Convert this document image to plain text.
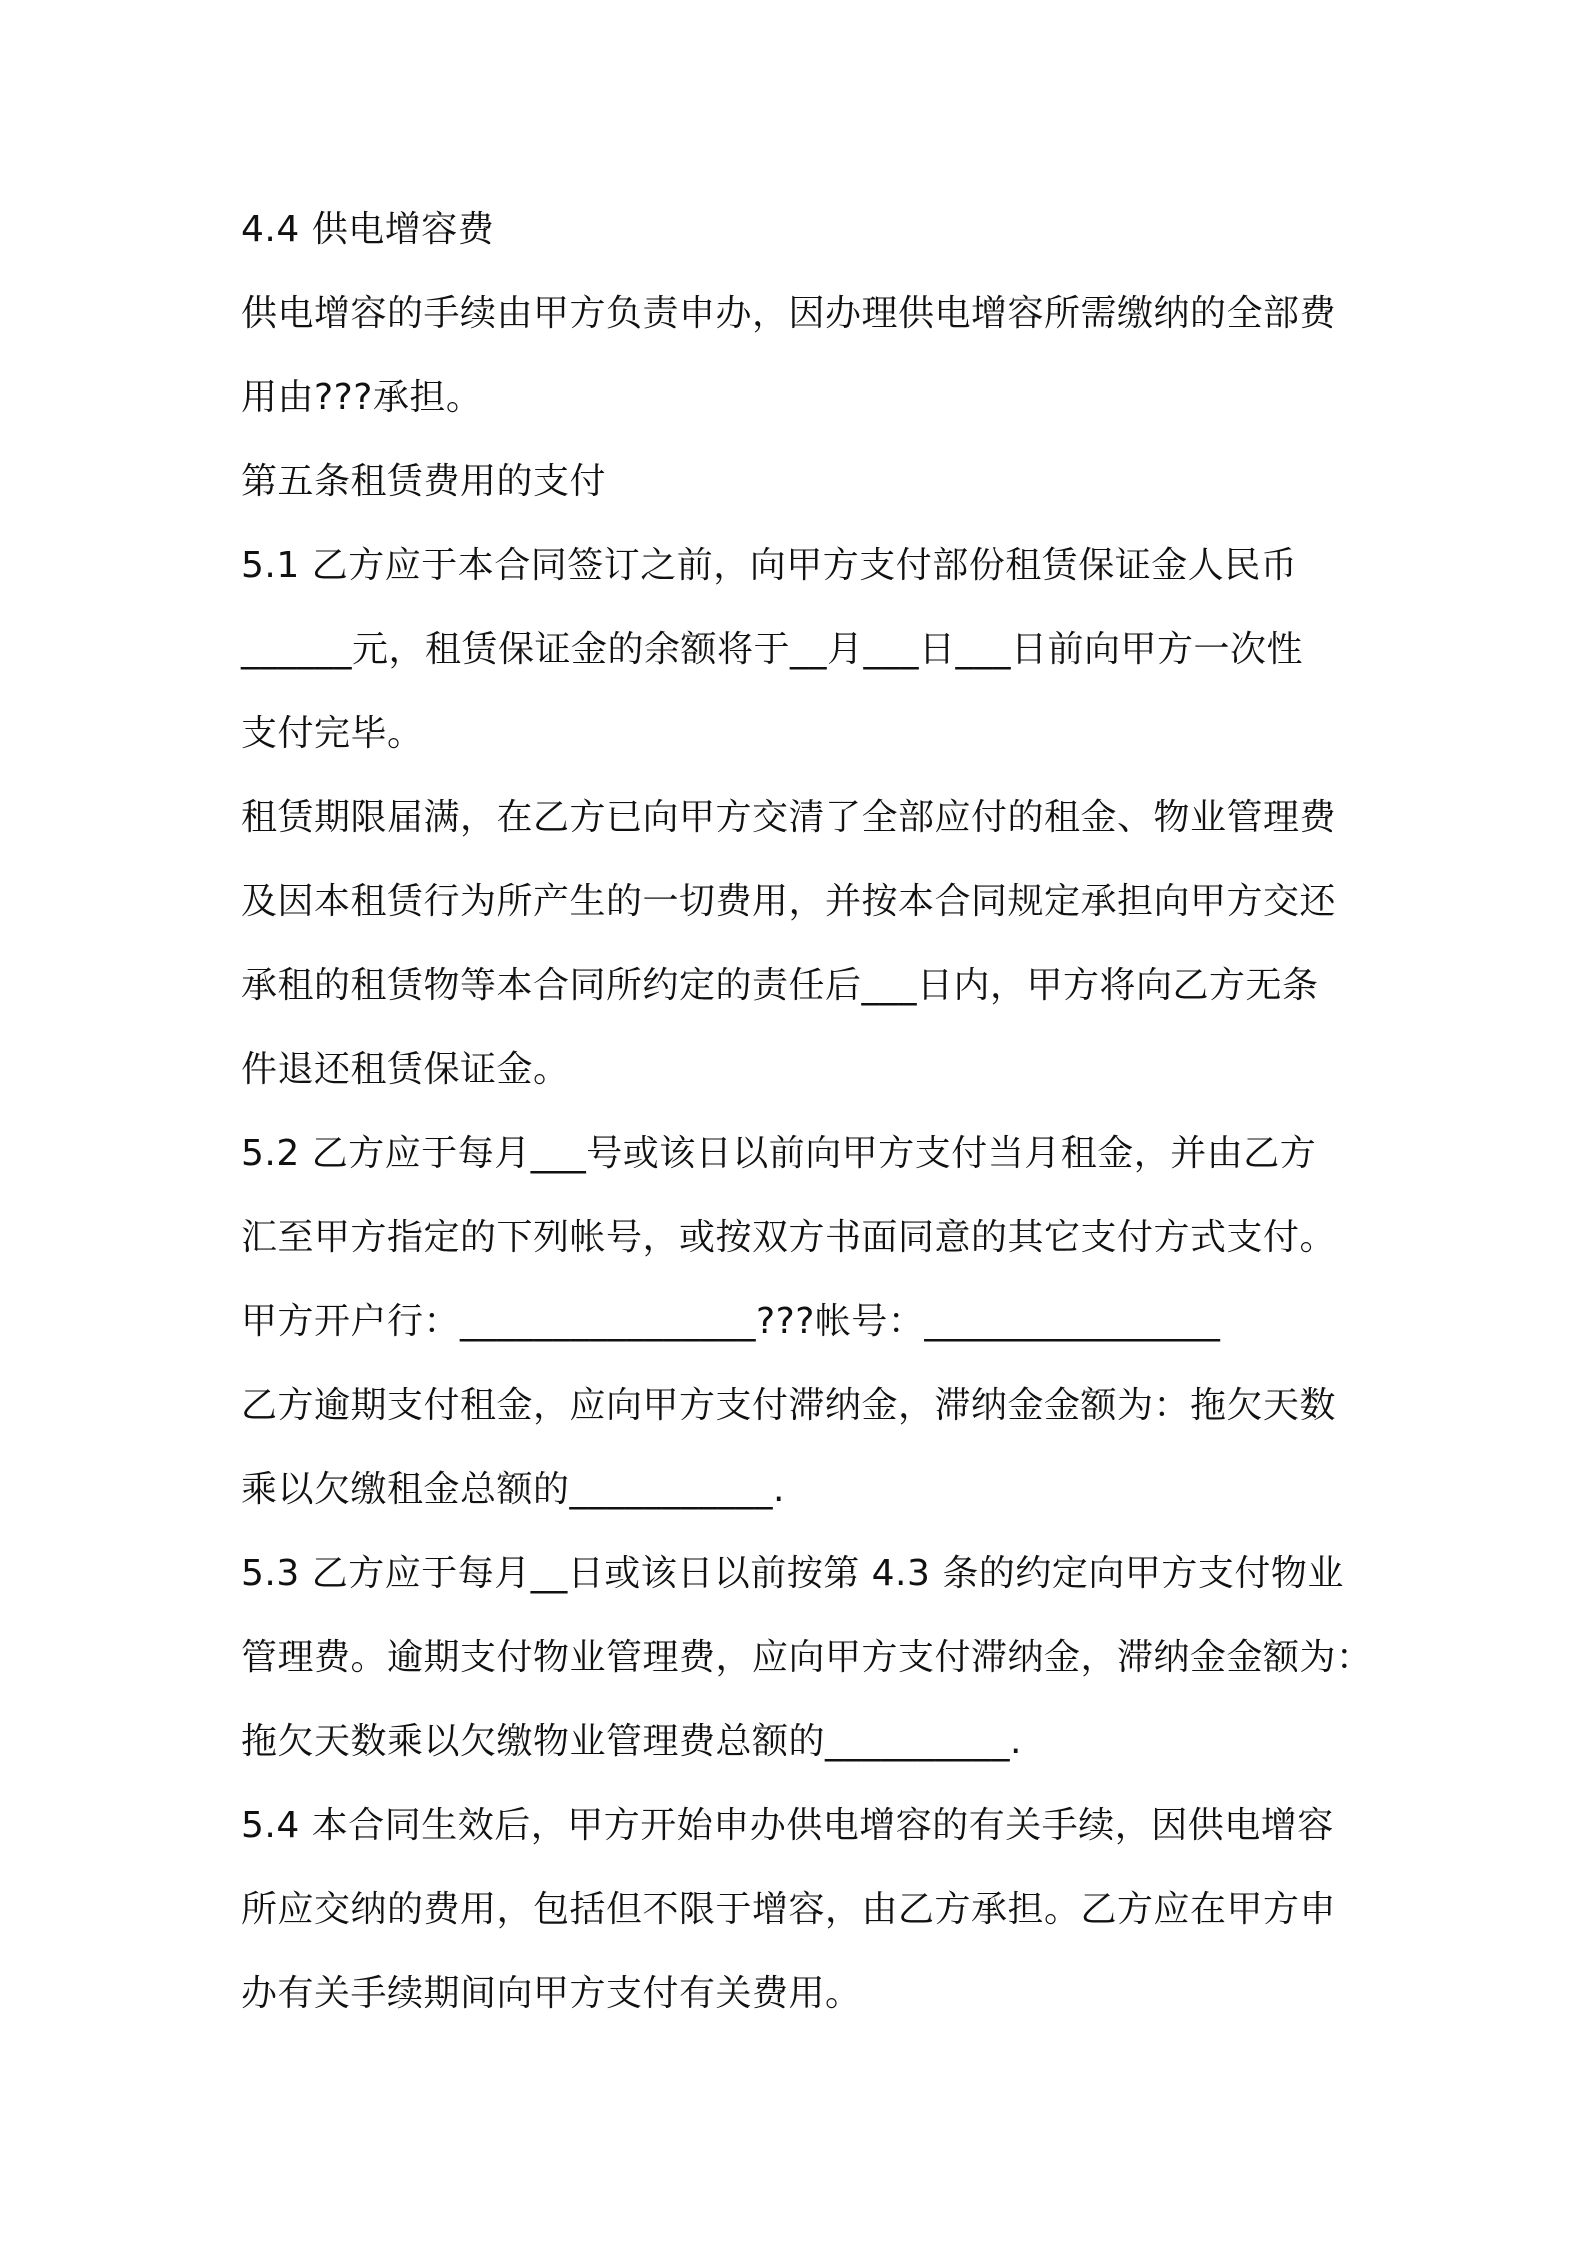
4.4 供电增容费

供电增容的手续由甲方负责申办，因办理供电增容所需缴纳的全部费

用由???承担。

第五条租赁费用的支付

5.1 乙方应于本合同签订之前，向甲方支付部份租赁保证金人民币

______元，租赁保证金的余额将于__月___日___日前向甲方一次性

支付完毕。

租赁期限届满，在乙方已向甲方交清了全部应付的租金、物业管理费

及因本租赁行为所产生的一切费用，并按本合同规定承担向甲方交还

承租的租赁物等本合同所约定的责任后___日内，甲方将向乙方无条

件退还租赁保证金。

5.2 乙方应于每月___号或该日以前向甲方支付当月租金，并由乙方

汇至甲方指定的下列帐号，或按双方书面同意的其它支付方式支付。

甲方开户行：________________???帐号：________________

乙方逾期支付租金，应向甲方支付滞纳金，滞纳金金额为：拖欠天数

乘以欠缴租金总额的___________.

5.3 乙方应于每月__日或该日以前按第 4.3 条的约定向甲方支付物业

管理费。逾期支付物业管理费，应向甲方支付滞纳金，滞纳金金额为：

拖欠天数乘以欠缴物业管理费总额的__________.

5.4 本合同生效后，甲方开始申办供电增容的有关手续，因供电增容

所应交纳的费用，包括但不限于增容，由乙方承担。乙方应在甲方申

办有关手续期间向甲方支付有关费用。
